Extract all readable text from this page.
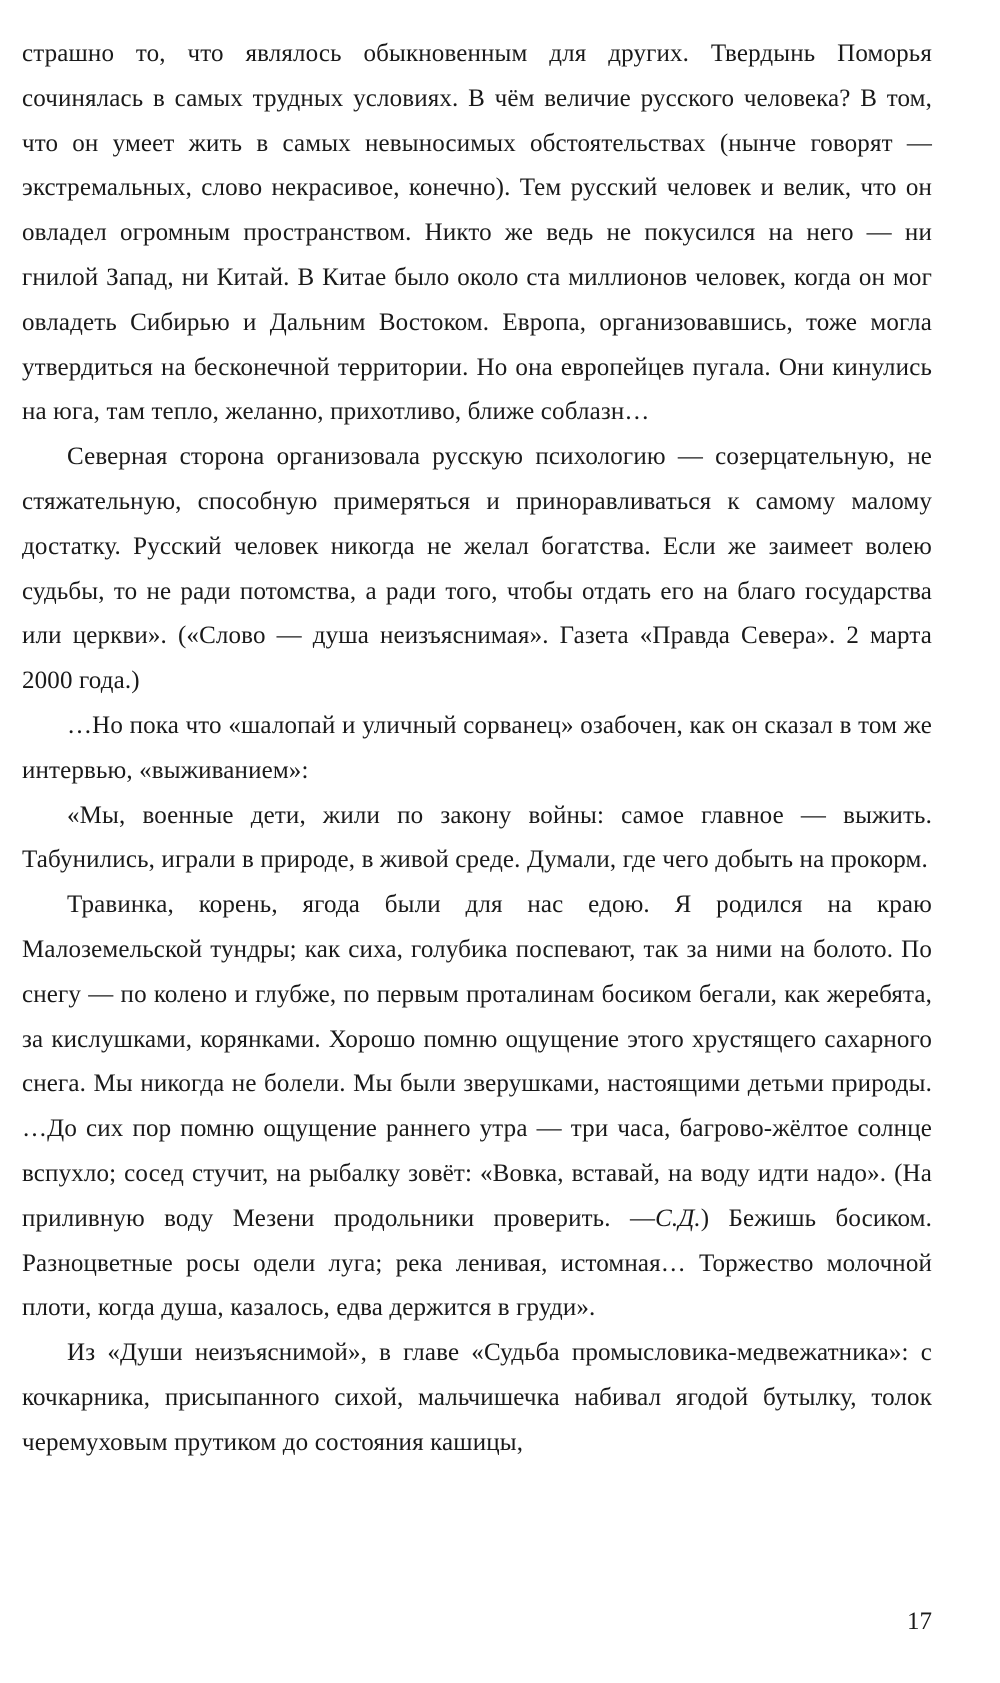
страшно то, что являлось обыкновенным для других. Твердынь Поморья сочинялась в самых трудных условиях. В чём величие русского человека? В том, что он умеет жить в самых невыносимых обстоятельствах (нынче говорят — экстремальных, слово некрасивое, конечно). Тем русский человек и велик, что он овладел огромным пространством. Никто же ведь не покусился на него — ни гнилой Запад, ни Китай. В Китае было около ста миллионов человек, когда он мог овладеть Сибирью и Дальним Востоком. Европа, организовавшись, тоже могла утвердиться на бесконечной территории. Но она европейцев пугала. Они кинулись на юга, там тепло, желанно, прихотливо, ближе соблазн…

Северная сторона организовала русскую психологию — созерцательную, не стяжательную, способную примеряться и приноравливаться к самому малому достатку. Русский человек никогда не желал богатства. Если же заимеет волею судьбы, то не ради потомства, а ради того, чтобы отдать его на благо государства или церкви». («Слово — душа неизъяснимая». Газета «Правда Севера». 2 марта 2000 года.)

…Но пока что «шалопай и уличный сорванец» озабочен, как он сказал в том же интервью, «выживанием»:

«Мы, военные дети, жили по закону войны: самое главное — выжить. Табунились, играли в природе, в живой среде. Думали, где чего добыть на прокорм.

Травинка, корень, ягода были для нас едою. Я родился на краю Малоземельской тундры; как сиха, голубика поспевают, так за ними на болото. По снегу — по колено и глубже, по первым проталинам босиком бегали, как жеребята, за кислушками, корянками. Хорошо помню ощущение этого хрустящего сахарного снега. Мы никогда не болели. Мы были зверушками, настоящими детьми природы. …До сих пор помню ощущение раннего утра — три часа, багрово-жёлтое солнце вспухло; сосед стучит, на рыбалку зовёт: «Вовка, вставай, на воду идти надо». (На приливную воду Мезени продольники проверить. —С.Д.) Бежишь босиком. Разноцветные росы одели луга; река ленивая, истомная… Торжество молочной плоти, когда душа, казалось, едва держится в груди».

Из «Души неизъяснимой», в главе «Судьба промысловика-медвежатника»: с кочкарника, присыпанного сихой, мальчишечка набивал ягодой бутылку, толок черемуховым прутиком до состояния кашицы,

17
